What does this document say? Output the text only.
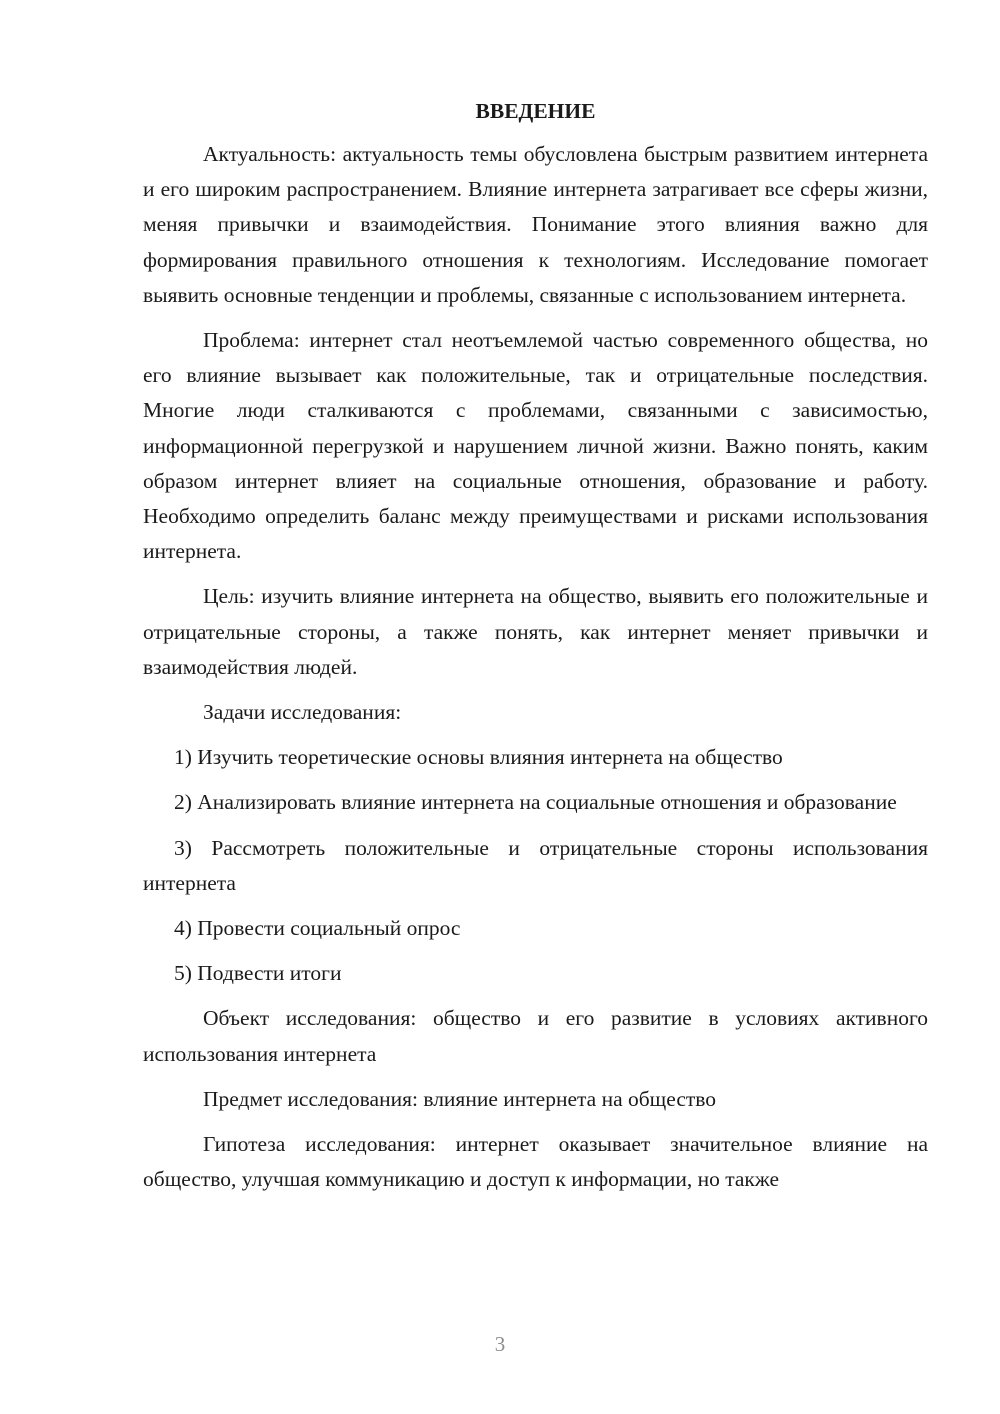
ВВЕДЕНИЕ

Актуальность: актуальность темы обусловлена быстрым развитием интернета и его широким распространением. Влияние интернета затрагивает все сферы жизни, меняя привычки и взаимодействия. Понимание этого влияния важно для формирования правильного отношения к технологиям. Исследование помогает выявить основные тенденции и проблемы, связанные с использованием интернета.

Проблема: интернет стал неотъемлемой частью современного общества, но его влияние вызывает как положительные, так и отрицательные последствия. Многие люди сталкиваются с проблемами, связанными с зависимостью, информационной перегрузкой и нарушением личной жизни. Важно понять, каким образом интернет влияет на социальные отношения, образование и работу. Необходимо определить баланс между преимуществами и рисками использования интернета.

Цель: изучить влияние интернета на общество, выявить его положительные и отрицательные стороны, а также понять, как интернет меняет привычки и взаимодействия людей.

Задачи исследования:

1) Изучить теоретические основы влияния интернета на общество

2) Анализировать влияние интернета на социальные отношения и образование

3) Рассмотреть положительные и отрицательные стороны использования интернета

4) Провести социальный опрос

5) Подвести итоги

Объект исследования: общество и его развитие в условиях активного использования интернета

Предмет исследования: влияние интернета на общество

Гипотеза исследования: интернет оказывает значительное влияние на общество, улучшая коммуникацию и доступ к информации, но также

3
